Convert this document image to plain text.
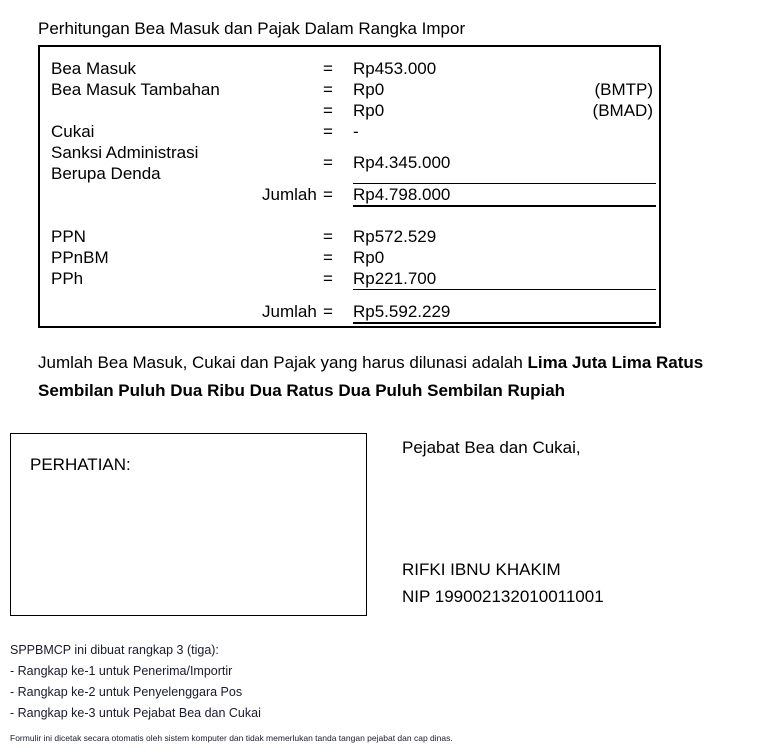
Perhitungan Bea Masuk dan Pajak Dalam Rangka Impor
Bea Masuk	= Rp453.000
Bea Masuk Tambahan	= Rp0	(BMTP)
= Rp0	(BMAD)
Cukai	= -
Sanksi Administrasi
Berupa Denda
= Rp4.345.000
Jumlah = Rp4.798.000
PPN	= Rp572.529
PPnBM	= Rp0
PPh	= Rp221.700
Jumlah = Rp5.592.229
Jumlah Bea Masuk, Cukai dan Pajak yang harus dilunasi adalah Lima Juta Lima Ratus
Sembilan Puluh Dua Ribu Dua Ratus Dua Puluh Sembilan Rupiah
PERHATIAN:
Pejabat Bea dan Cukai,
RIFKI IBNU KHAKIM
NIP 199002132010011001
SPPBMCP ini dibuat rangkap 3 (tiga):
- Rangkap ke-1 untuk Penerima/Importir
- Rangkap ke-2 untuk Penyelenggara Pos
- Rangkap ke-3 untuk Pejabat Bea dan Cukai
Formulir ini dicetak secara otomatis oleh sistem komputer dan tidak memerlukan tanda tangan pejabat dan cap dinas.
